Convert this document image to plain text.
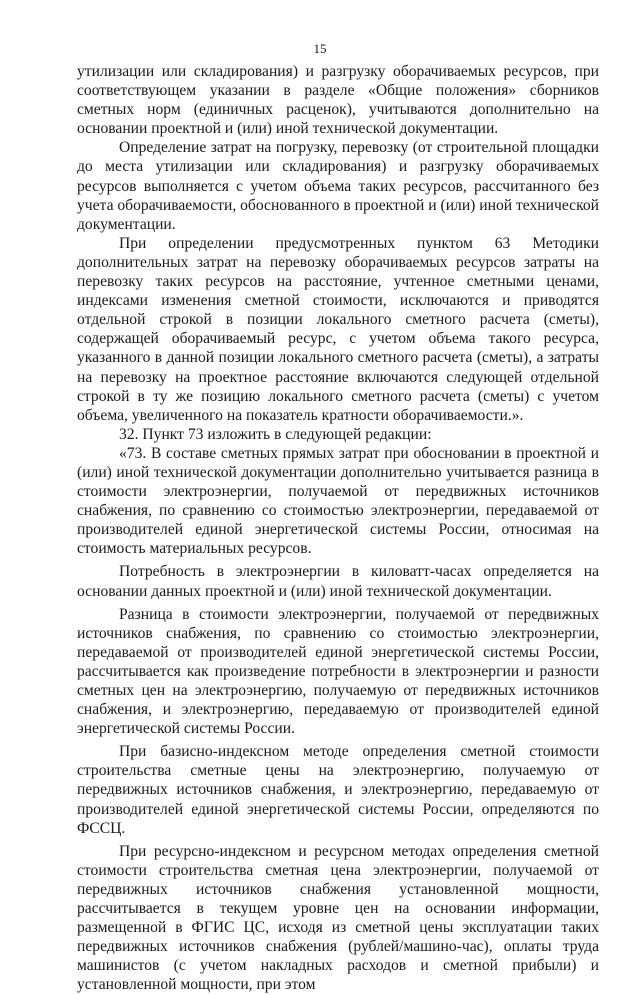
15

утилизации или складирования) и разгрузку оборачиваемых ресурсов, при соответствующем указании в разделе «Общие положения» сборников сметных норм (единичных расценок), учитываются дополнительно на основании проектной и (или) иной технической документации.

Определение затрат на погрузку, перевозку (от строительной площадки до места утилизации или складирования) и разгрузку оборачиваемых ресурсов выполняется с учетом объема таких ресурсов, рассчитанного без учета оборачиваемости, обоснованного в проектной и (или) иной технической документации.

При определении предусмотренных пунктом 63 Методики дополнительных затрат на перевозку оборачиваемых ресурсов затраты на перевозку таких ресурсов на расстояние, учтенное сметными ценами, индексами изменения сметной стоимости, исключаются и приводятся отдельной строкой в позиции локального сметного расчета (сметы), содержащей оборачиваемый ресурс, с учетом объема такого ресурса, указанного в данной позиции локального сметного расчета (сметы), а затраты на перевозку на проектное расстояние включаются следующей отдельной строкой в ту же позицию локального сметного расчета (сметы) с учетом объема, увеличенного на показатель кратности оборачиваемости.».

32. Пункт 73 изложить в следующей редакции:

«73. В составе сметных прямых затрат при обосновании в проектной и (или) иной технической документации дополнительно учитывается разница в стоимости электроэнергии, получаемой от передвижных источников снабжения, по сравнению со стоимостью электроэнергии, передаваемой от производителей единой энергетической системы России, относимая на стоимость материальных ресурсов.

Потребность в электроэнергии в киловатт-часах определяется на основании данных проектной и (или) иной технической документации.

Разница в стоимости электроэнергии, получаемой от передвижных источников снабжения, по сравнению со стоимостью электроэнергии, передаваемой от производителей единой энергетической системы России, рассчитывается как произведение потребности в электроэнергии и разности сметных цен на электроэнергию, получаемую от передвижных источников снабжения, и электроэнергию, передаваемую от производителей единой энергетической системы России.

При базисно-индексном методе определения сметной стоимости строительства сметные цены на электроэнергию, получаемую от передвижных источников снабжения, и электроэнергию, передаваемую от производителей единой энергетической системы России, определяются по ФССЦ.

При ресурсно-индексном и ресурсном методах определения сметной стоимости строительства сметная цена электроэнергии, получаемой от передвижных источников снабжения установленной мощности, рассчитывается в текущем уровне цен на основании информации, размещенной в ФГИС ЦС, исходя из сметной цены эксплуатации таких передвижных источников снабжения (рублей/машино-час), оплаты труда машинистов (с учетом накладных расходов и сметной прибыли) и установленной мощности, при этом
